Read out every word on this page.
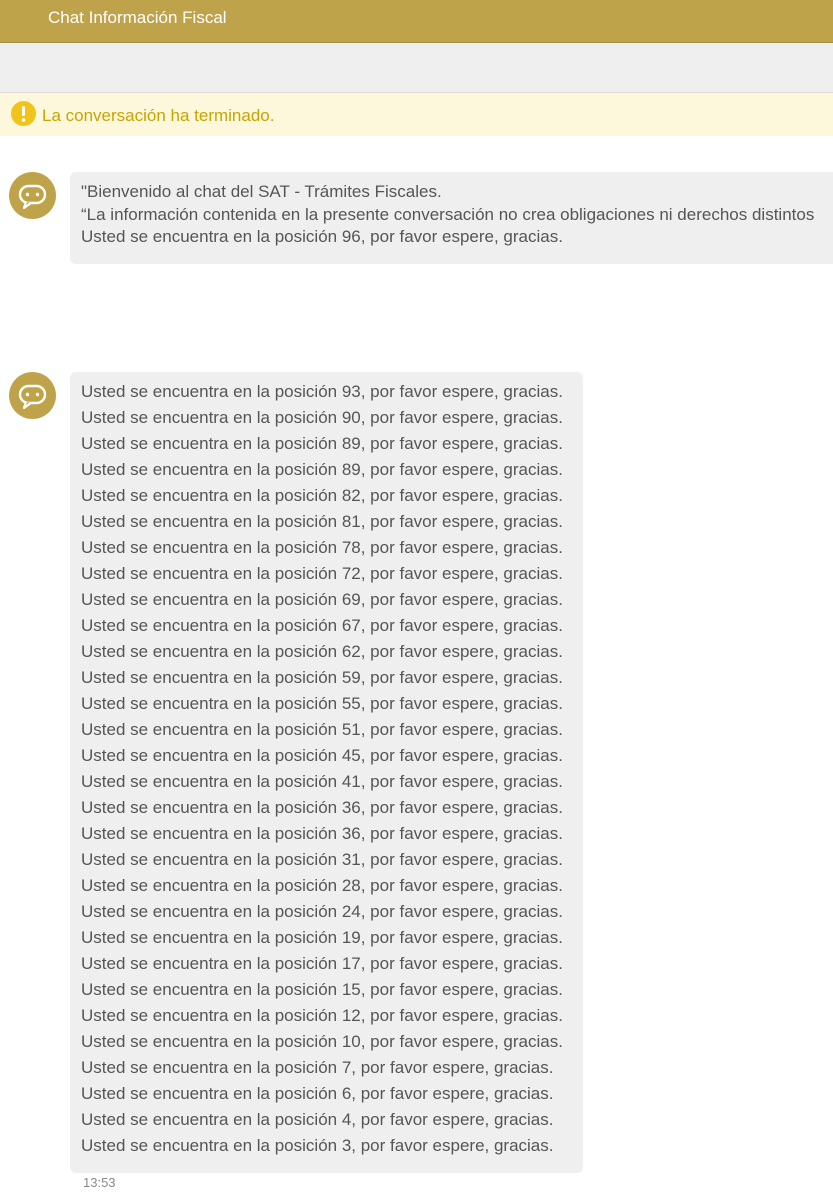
Chat Información Fiscal
La conversación ha terminado.
"Bienvenido al chat del SAT - Trámites Fiscales.
“La información contenida en la presente conversación no crea obligaciones ni derechos distintos
Usted se encuentra en la posición 96, por favor espere, gracias.
Usted se encuentra en la posición 93, por favor espere, gracias.
Usted se encuentra en la posición 90, por favor espere, gracias.
Usted se encuentra en la posición 89, por favor espere, gracias.
Usted se encuentra en la posición 89, por favor espere, gracias.
Usted se encuentra en la posición 82, por favor espere, gracias.
Usted se encuentra en la posición 81, por favor espere, gracias.
Usted se encuentra en la posición 78, por favor espere, gracias.
Usted se encuentra en la posición 72, por favor espere, gracias.
Usted se encuentra en la posición 69, por favor espere, gracias.
Usted se encuentra en la posición 67, por favor espere, gracias.
Usted se encuentra en la posición 62, por favor espere, gracias.
Usted se encuentra en la posición 59, por favor espere, gracias.
Usted se encuentra en la posición 55, por favor espere, gracias.
Usted se encuentra en la posición 51, por favor espere, gracias.
Usted se encuentra en la posición 45, por favor espere, gracias.
Usted se encuentra en la posición 41, por favor espere, gracias.
Usted se encuentra en la posición 36, por favor espere, gracias.
Usted se encuentra en la posición 36, por favor espere, gracias.
Usted se encuentra en la posición 31, por favor espere, gracias.
Usted se encuentra en la posición 28, por favor espere, gracias.
Usted se encuentra en la posición 24, por favor espere, gracias.
Usted se encuentra en la posición 19, por favor espere, gracias.
Usted se encuentra en la posición 17, por favor espere, gracias.
Usted se encuentra en la posición 15, por favor espere, gracias.
Usted se encuentra en la posición 12, por favor espere, gracias.
Usted se encuentra en la posición 10, por favor espere, gracias.
Usted se encuentra en la posición 7, por favor espere, gracias.
Usted se encuentra en la posición 6, por favor espere, gracias.
Usted se encuentra en la posición 4, por favor espere, gracias.
Usted se encuentra en la posición 3, por favor espere, gracias.
13:53
